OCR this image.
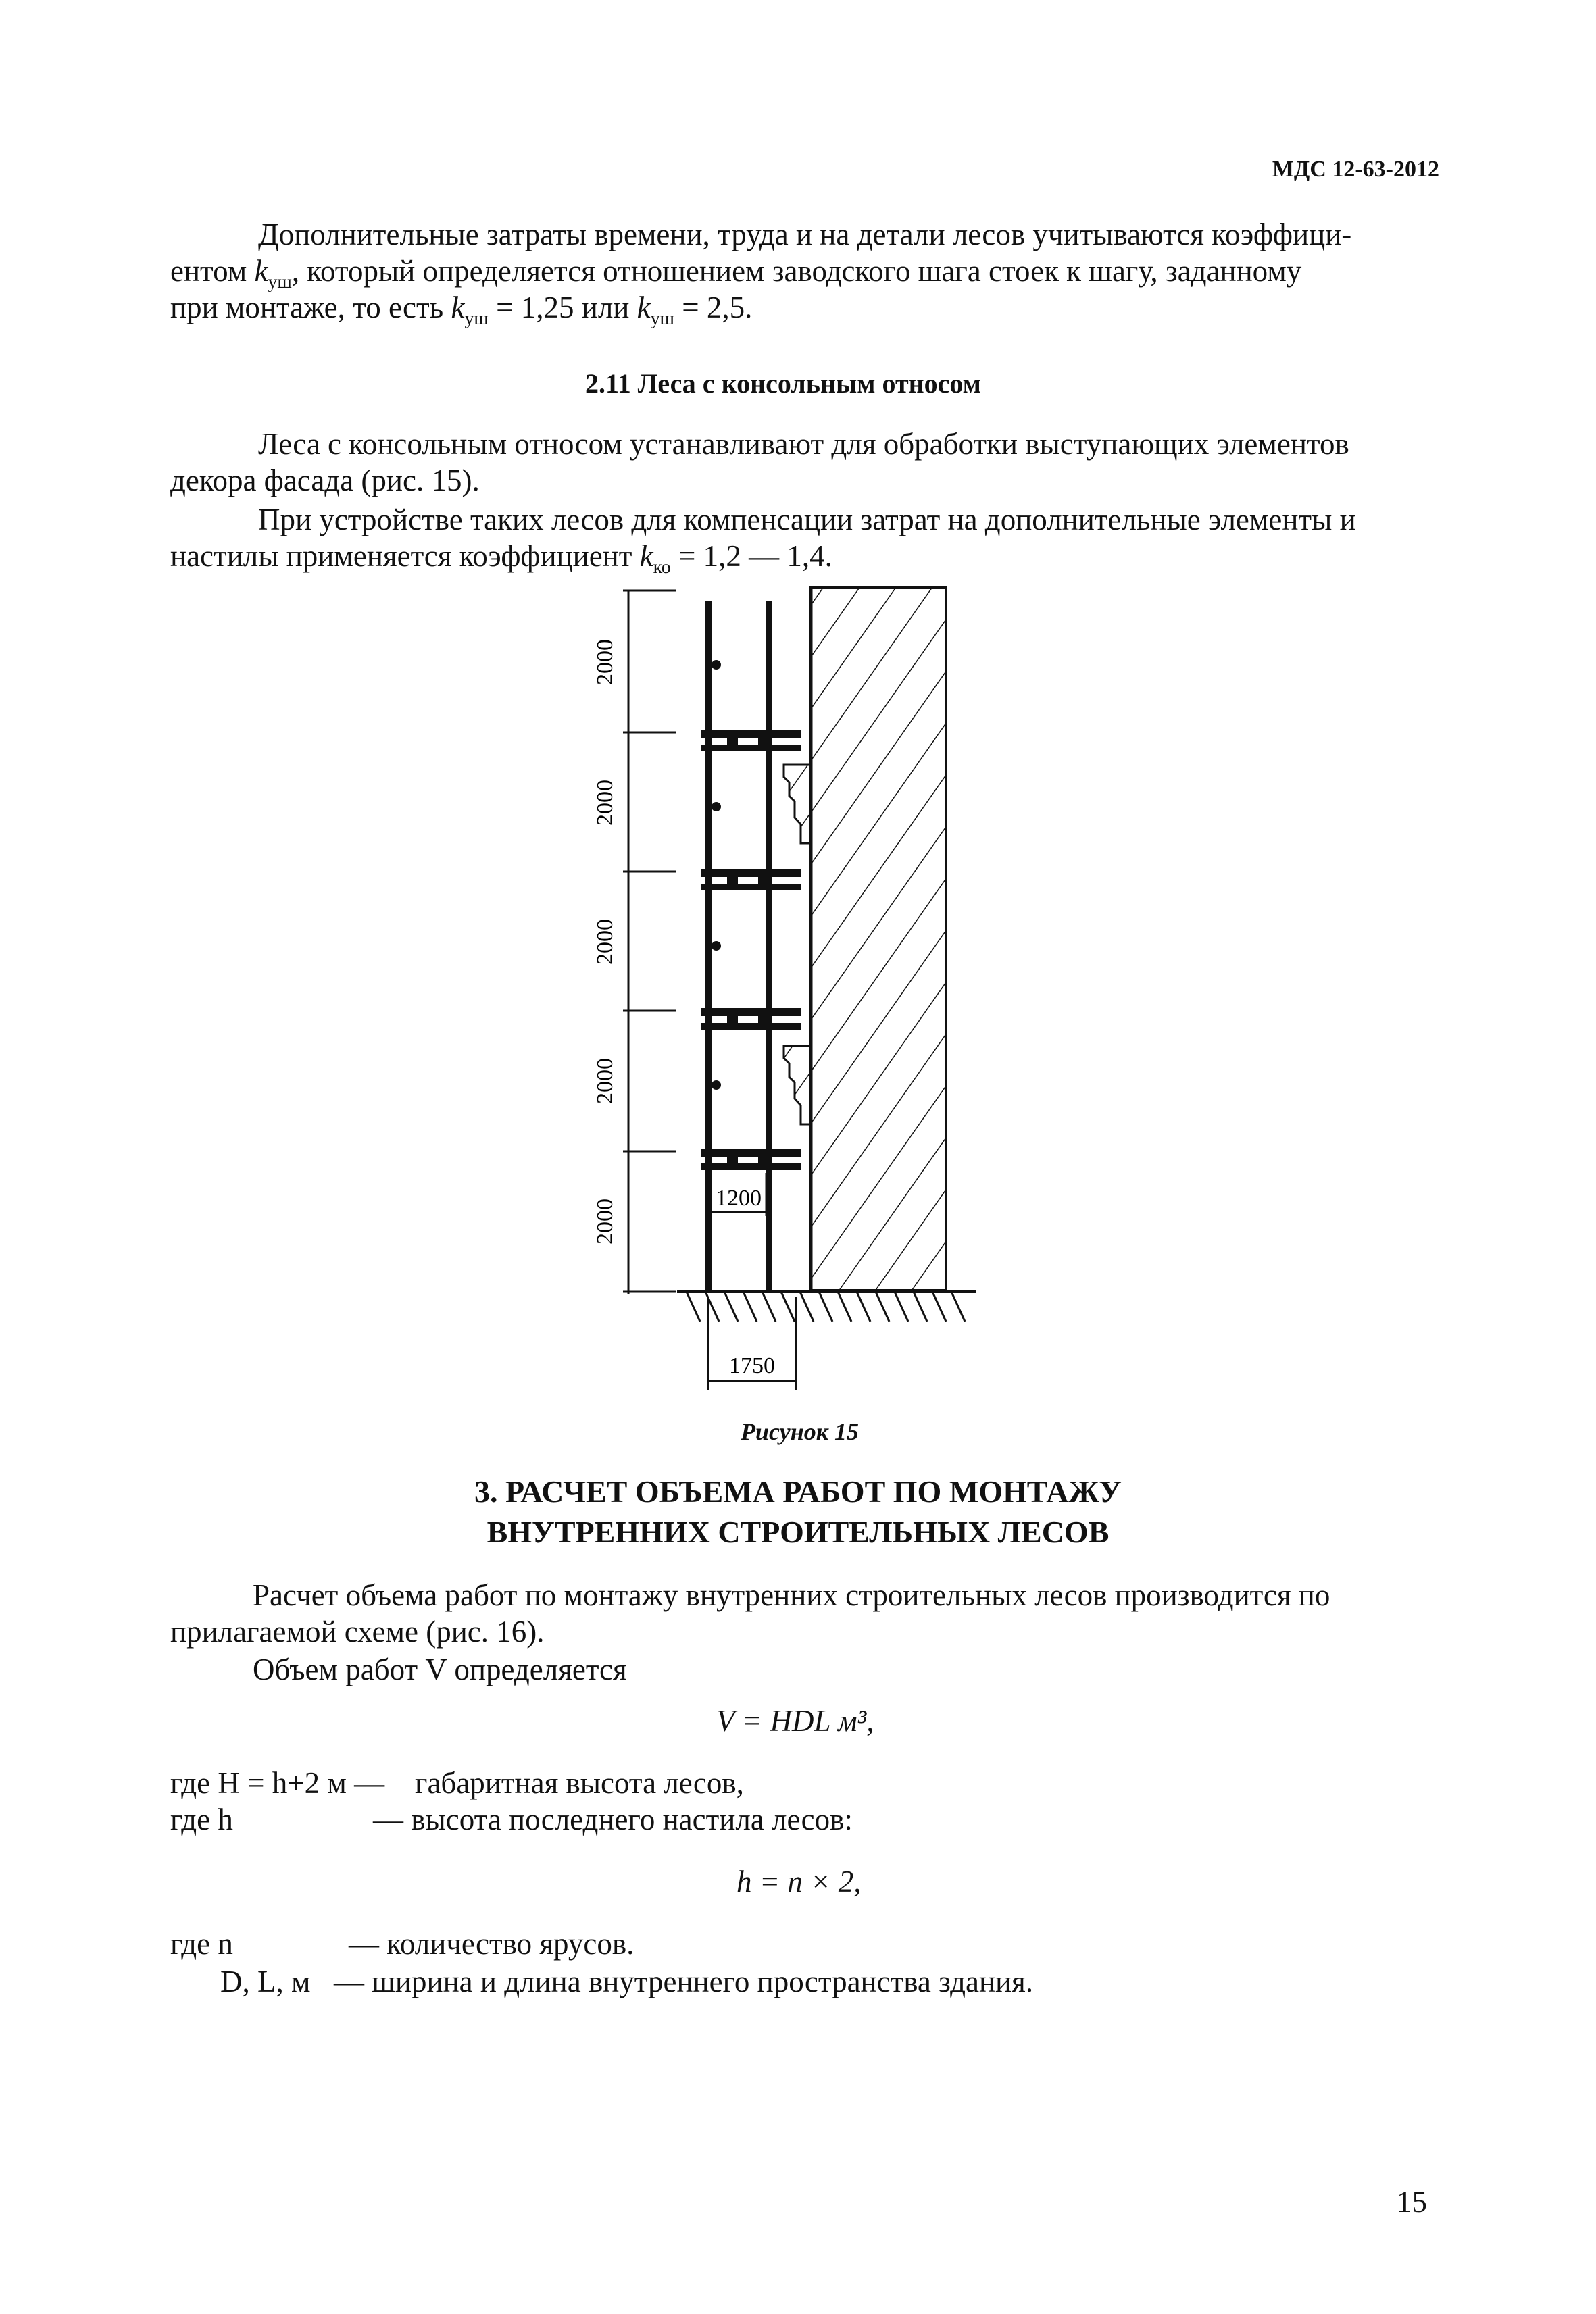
МДС 12-63-2012
Дополнительные затраты времени, труда и на детали лесов учитываются коэффици-
ентом $k_{уш}$, который определяется отношением заводского шага стоек к шагу, заданному
при монтаже, то есть $k_{уш} = 1,25$ или $k_{уш} = 2,5$.
2.11 Леса с консольным относом
Леса с консольным относом устанавливают для обработки выступающих элементов
декора фасада (рис. 15).
При устройстве таких лесов для компенсации затрат на дополнительные элементы и
настилы применяется коэффициент $k_{ко} = 1,2$ — 1,4.
2000
2000
2000
2000
2000
1200
1750
Рисунок 15
3. РАСЧЕТ ОБЪЕМА РАБОТ ПО МОНТАЖУ
ВНУТРЕННИХ СТРОИТЕЛЬНЫХ ЛЕСОВ
Расчет объема работ по монтажу внутренних строительных лесов производится по
прилагаемой схеме (рис. 16).
Объем работ V определяется
V = HDL м³,
где H = h+2 м — габаритная высота лесов,
где h	— высота последнего настила лесов:
h = n × 2,
где n	— количество ярусов.
D, L, м — ширина и длина внутреннего пространства здания.
15
